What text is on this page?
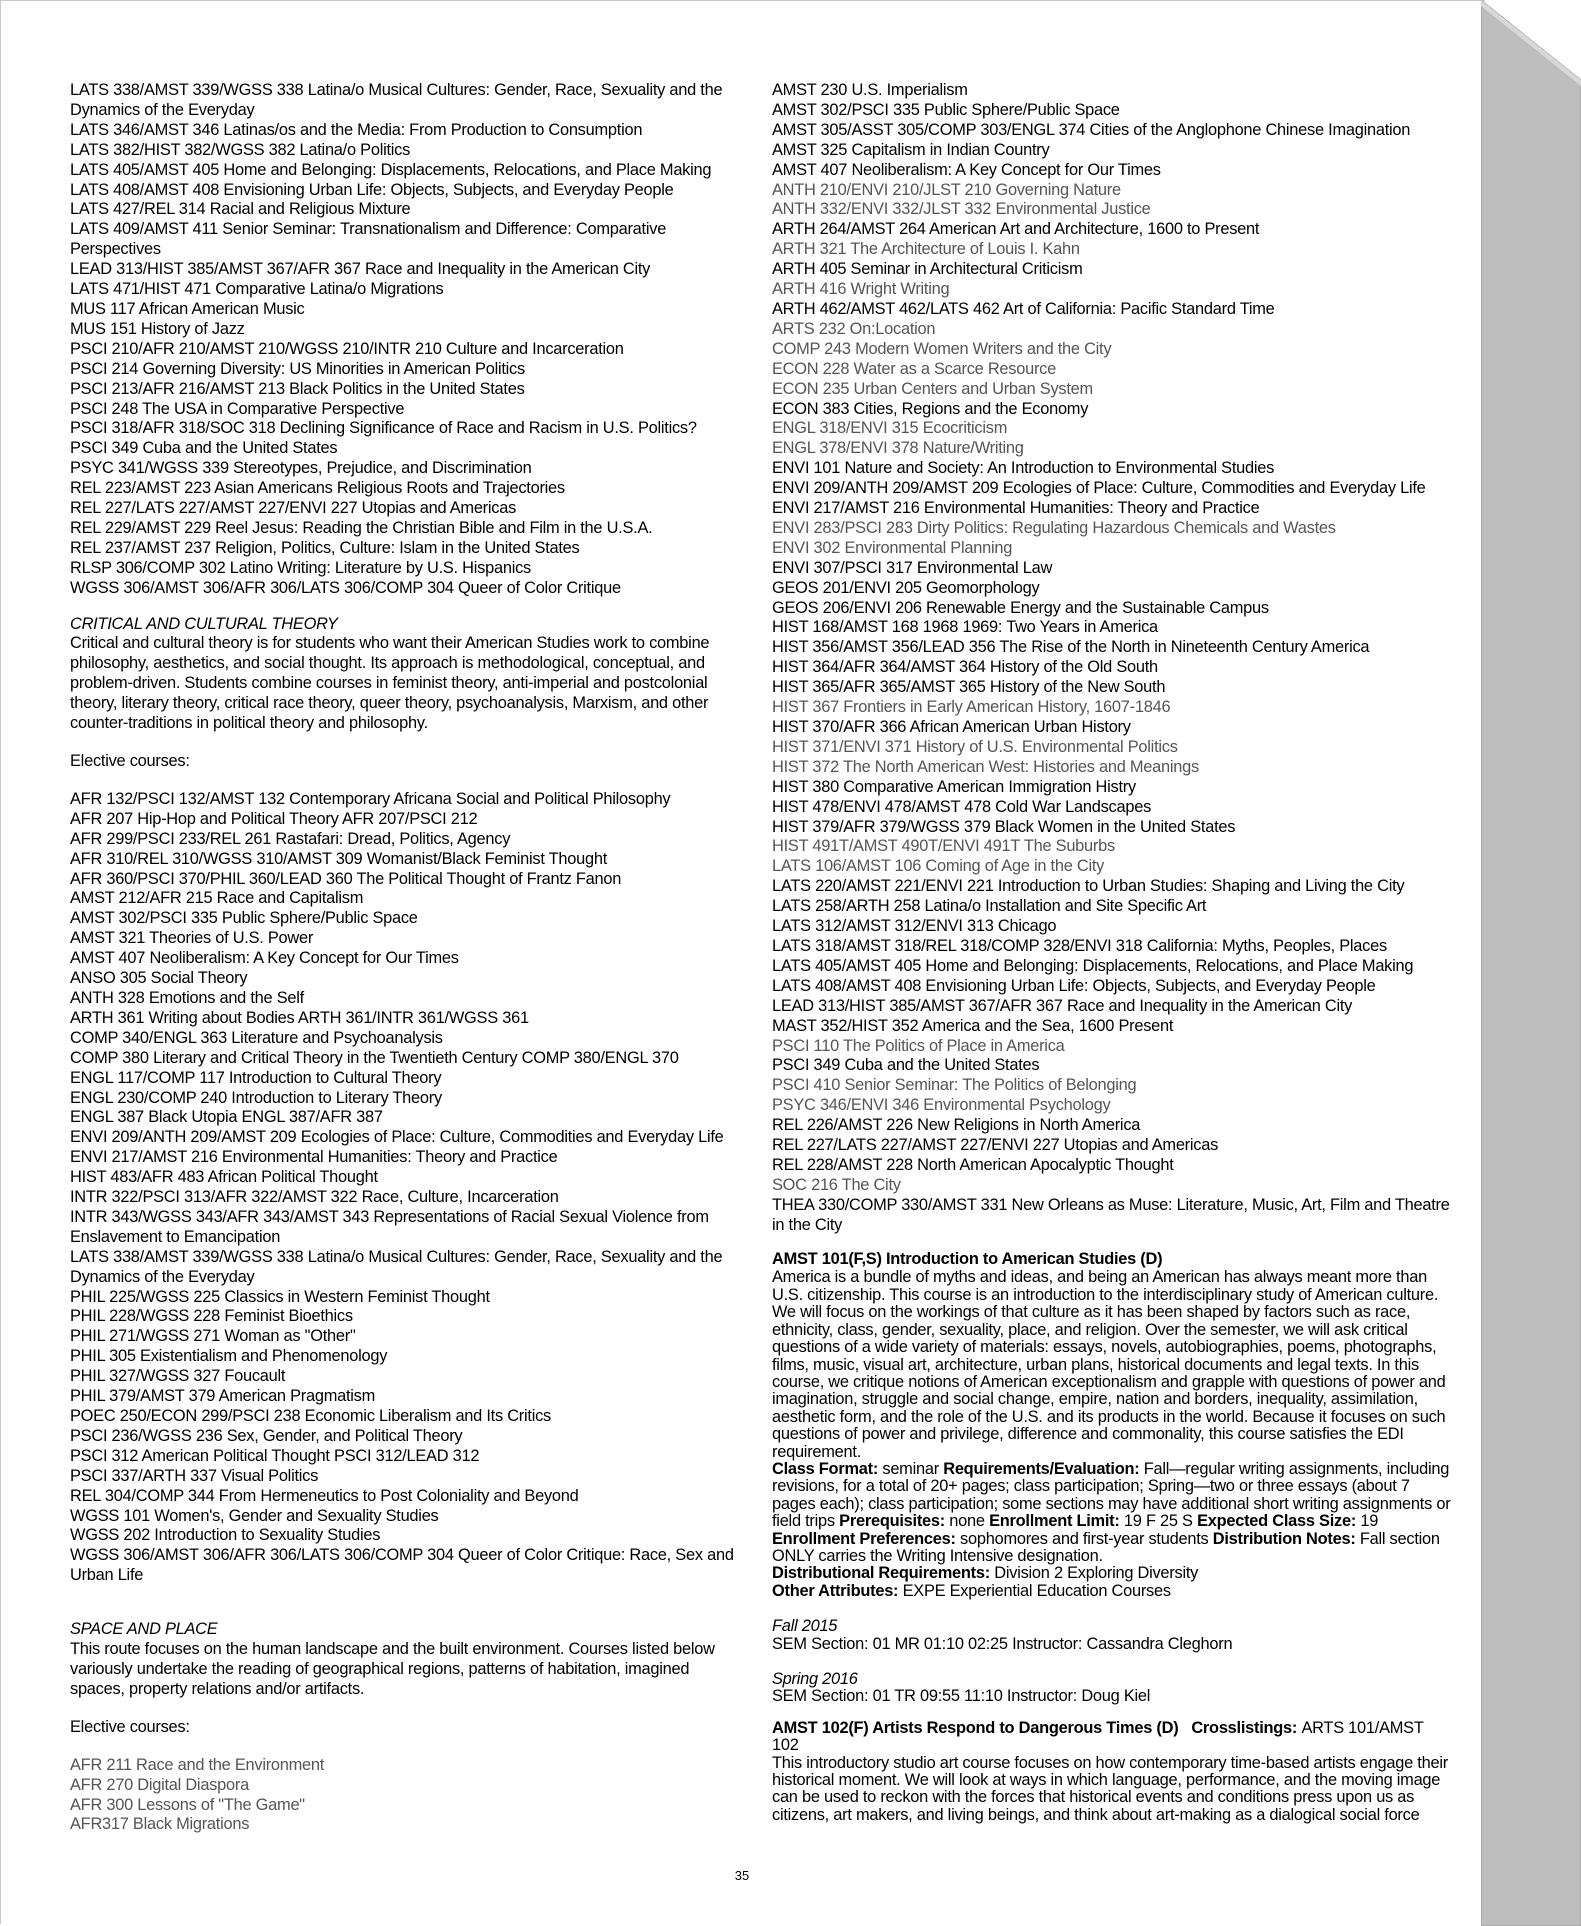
LATS 338/AMST 339/WGSS 338 Latina/o Musical Cultures: Gender, Race, Sexuality and the Dynamics of the Everyday
LATS 346/AMST 346 Latinas/os and the Media: From Production to Consumption
LATS 382/HIST 382/WGSS 382 Latina/o Politics
LATS 405/AMST 405 Home and Belonging: Displacements, Relocations, and Place Making
LATS 408/AMST 408 Envisioning Urban Life: Objects, Subjects, and Everyday People
LATS 427/REL 314 Racial and Religious Mixture
LATS 409/AMST 411 Senior Seminar: Transnationalism and Difference: Comparative Perspectives
LEAD 313/HIST 385/AMST 367/AFR 367 Race and Inequality in the American City
LATS 471/HIST 471 Comparative Latina/o Migrations
MUS 117 African American Music
MUS 151 History of Jazz
PSCI 210/AFR 210/AMST 210/WGSS 210/INTR 210 Culture and Incarceration
PSCI 214 Governing Diversity: US Minorities in American Politics
PSCI 213/AFR 216/AMST 213 Black Politics in the United States
PSCI 248 The USA in Comparative Perspective
PSCI 318/AFR 318/SOC 318 Declining Significance of Race and Racism in U.S. Politics?
PSCI 349 Cuba and the United States
PSYC 341/WGSS 339 Stereotypes, Prejudice, and Discrimination
REL 223/AMST 223 Asian Americans Religious Roots and Trajectories
REL 227/LATS 227/AMST 227/ENVI 227 Utopias and Americas
REL 229/AMST 229 Reel Jesus: Reading the Christian Bible and Film in the U.S.A.
REL 237/AMST 237 Religion, Politics, Culture: Islam in the United States
RLSP 306/COMP 302 Latino Writing: Literature by U.S. Hispanics
WGSS 306/AMST 306/AFR 306/LATS 306/COMP 304 Queer of Color Critique
CRITICAL AND CULTURAL THEORY
Critical and cultural theory is for students who want their American Studies work to combine philosophy, aesthetics, and social thought. Its approach is methodological, conceptual, and problem-driven. Students combine courses in feminist theory, anti-imperial and postcolonial theory, literary theory, critical race theory, queer theory, psychoanalysis, Marxism, and other counter-traditions in political theory and philosophy.
Elective courses:
AFR 132/PSCI 132/AMST 132 Contemporary Africana Social and Political Philosophy
AFR 207 Hip-Hop and Political Theory AFR 207/PSCI 212
AFR 299/PSCI 233/REL 261 Rastafari: Dread, Politics, Agency
AFR 310/REL 310/WGSS 310/AMST 309 Womanist/Black Feminist Thought
AFR 360/PSCI 370/PHIL 360/LEAD 360 The Political Thought of Frantz Fanon
AMST 212/AFR 215 Race and Capitalism
AMST 302/PSCI 335 Public Sphere/Public Space
AMST 321 Theories of U.S. Power
AMST 407 Neoliberalism: A Key Concept for Our Times
ANSO 305 Social Theory
ANTH 328 Emotions and the Self
ARTH 361 Writing about Bodies ARTH 361/INTR 361/WGSS 361
COMP 340/ENGL 363 Literature and Psychoanalysis
COMP 380 Literary and Critical Theory in the Twentieth Century COMP 380/ENGL 370
ENGL 117/COMP 117 Introduction to Cultural Theory
ENGL 230/COMP 240 Introduction to Literary Theory
ENGL 387 Black Utopia ENGL 387/AFR 387
ENVI 209/ANTH 209/AMST 209 Ecologies of Place: Culture, Commodities and Everyday Life
ENVI 217/AMST 216 Environmental Humanities: Theory and Practice
HIST 483/AFR 483 African Political Thought
INTR 322/PSCI 313/AFR 322/AMST 322 Race, Culture, Incarceration
INTR 343/WGSS 343/AFR 343/AMST 343 Representations of Racial Sexual Violence from Enslavement to Emancipation
LATS 338/AMST 339/WGSS 338 Latina/o Musical Cultures: Gender, Race, Sexuality and the Dynamics of the Everyday
PHIL 225/WGSS 225 Classics in Western Feminist Thought
PHIL 228/WGSS 228 Feminist Bioethics
PHIL 271/WGSS 271 Woman as "Other"
PHIL 305 Existentialism and Phenomenology
PHIL 327/WGSS 327 Foucault
PHIL 379/AMST 379 American Pragmatism
POEC 250/ECON 299/PSCI 238 Economic Liberalism and Its Critics
PSCI 236/WGSS 236 Sex, Gender, and Political Theory
PSCI 312 American Political Thought PSCI 312/LEAD 312
PSCI 337/ARTH 337 Visual Politics
REL 304/COMP 344 From Hermeneutics to Post Coloniality and Beyond
WGSS 101 Women's, Gender and Sexuality Studies
WGSS 202 Introduction to Sexuality Studies
WGSS 306/AMST 306/AFR 306/LATS 306/COMP 304 Queer of Color Critique: Race, Sex and Urban Life
SPACE AND PLACE
This route focuses on the human landscape and the built environment. Courses listed below variously undertake the reading of geographical regions, patterns of habitation, imagined spaces, property relations and/or artifacts.
Elective courses:
AFR 211 Race and the Environment
AFR 270 Digital Diaspora
AFR 300 Lessons of "The Game"
AFR317 Black Migrations
AMST 230 U.S. Imperialism
AMST 302/PSCI 335 Public Sphere/Public Space
AMST 305/ASST 305/COMP 303/ENGL 374 Cities of the Anglophone Chinese Imagination
AMST 325 Capitalism in Indian Country
AMST 407 Neoliberalism: A Key Concept for Our Times
ANTH 210/ENVI 210/JLST 210 Governing Nature
ANTH 332/ENVI 332/JLST 332 Environmental Justice
ARTH 264/AMST 264 American Art and Architecture, 1600 to Present
ARTH 321 The Architecture of Louis I. Kahn
ARTH 405 Seminar in Architectural Criticism
ARTH 416 Wright Writing
ARTH 462/AMST 462/LATS 462 Art of California: Pacific Standard Time
ARTS 232 On:Location
COMP 243 Modern Women Writers and the City
ECON 228 Water as a Scarce Resource
ECON 235 Urban Centers and Urban System
ECON 383 Cities, Regions and the Economy
ENGL 318/ENVI 315 Ecocriticism
ENGL 378/ENVI 378 Nature/Writing
ENVI 101 Nature and Society: An Introduction to Environmental Studies
ENVI 209/ANTH 209/AMST 209 Ecologies of Place: Culture, Commodities and Everyday Life
ENVI 217/AMST 216 Environmental Humanities: Theory and Practice
ENVI 283/PSCI 283 Dirty Politics: Regulating Hazardous Chemicals and Wastes
ENVI 302 Environmental Planning
ENVI 307/PSCI 317 Environmental Law
GEOS 201/ENVI 205 Geomorphology
GEOS 206/ENVI 206 Renewable Energy and the Sustainable Campus
HIST 168/AMST 168 1968 1969: Two Years in America
HIST 356/AMST 356/LEAD 356 The Rise of the North in Nineteenth Century America
HIST 364/AFR 364/AMST 364 History of the Old South
HIST 365/AFR 365/AMST 365 History of the New South
HIST 367 Frontiers in Early American History, 1607-1846
HIST 370/AFR 366 African American Urban History
HIST 371/ENVI 371 History of U.S. Environmental Politics
HIST 372 The North American West: Histories and Meanings
HIST 380 Comparative American Immigration Histry
HIST 478/ENVI 478/AMST 478 Cold War Landscapes
HIST 379/AFR 379/WGSS 379 Black Women in the United States
HIST 491T/AMST 490T/ENVI 491T The Suburbs
LATS 106/AMST 106 Coming of Age in the City
LATS 220/AMST 221/ENVI 221 Introduction to Urban Studies: Shaping and Living the City
LATS 258/ARTH 258 Latina/o Installation and Site Specific Art
LATS 312/AMST 312/ENVI 313 Chicago
LATS 318/AMST 318/REL 318/COMP 328/ENVI 318 California: Myths, Peoples, Places
LATS 405/AMST 405 Home and Belonging: Displacements, Relocations, and Place Making
LATS 408/AMST 408 Envisioning Urban Life: Objects, Subjects, and Everyday People
LEAD 313/HIST 385/AMST 367/AFR 367 Race and Inequality in the American City
MAST 352/HIST 352 America and the Sea, 1600 Present
PSCI 110 The Politics of Place in America
PSCI 349 Cuba and the United States
PSCI 410 Senior Seminar: The Politics of Belonging
PSYC 346/ENVI 346 Environmental Psychology
REL 226/AMST 226 New Religions in North America
REL 227/LATS 227/AMST 227/ENVI 227 Utopias and Americas
REL 228/AMST 228 North American Apocalyptic Thought
SOC 216 The City
THEA 330/COMP 330/AMST 331 New Orleans as Muse: Literature, Music, Art, Film and Theatre in the City
AMST 101(F,S) Introduction to American Studies (D)
America is a bundle of myths and ideas, and being an American has always meant more than U.S. citizenship. This course is an introduction to the interdisciplinary study of American culture. We will focus on the workings of that culture as it has been shaped by factors such as race, ethnicity, class, gender, sexuality, place, and religion. Over the semester, we will ask critical questions of a wide variety of materials: essays, novels, autobiographies, poems, photographs, films, music, visual art, architecture, urban plans, historical documents and legal texts. In this course, we critique notions of American exceptionalism and grapple with questions of power and imagination, struggle and social change, empire, nation and borders, inequality, assimilation, aesthetic form, and the role of the U.S. and its products in the world. Because it focuses on such questions of power and privilege, difference and commonality, this course satisfies the EDI requirement.
Class Format: seminar Requirements/Evaluation: Fall—regular writing assignments, including revisions, for a total of 20+ pages; class participation; Spring—two or three essays (about 7 pages each); class participation; some sections may have additional short writing assignments or field trips Prerequisites: none Enrollment Limit: 19 F 25 S Expected Class Size: 19 Enrollment Preferences: sophomores and first-year students Distribution Notes: Fall section ONLY carries the Writing Intensive designation.
Distributional Requirements: Division 2 Exploring Diversity
Other Attributes: EXPE Experiential Education Courses
Fall 2015
SEM Section: 01 MR 01:10 02:25 Instructor: Cassandra Cleghorn
Spring 2016
SEM Section: 01 TR 09:55 11:10 Instructor: Doug Kiel
AMST 102(F) Artists Respond to Dangerous Times (D) Crosslistings: ARTS 101/AMST 102
This introductory studio art course focuses on how contemporary time-based artists engage their historical moment. We will look at ways in which language, performance, and the moving image can be used to reckon with the forces that historical events and conditions press upon us as citizens, art makers, and living beings, and think about art-making as a dialogical social force
35
